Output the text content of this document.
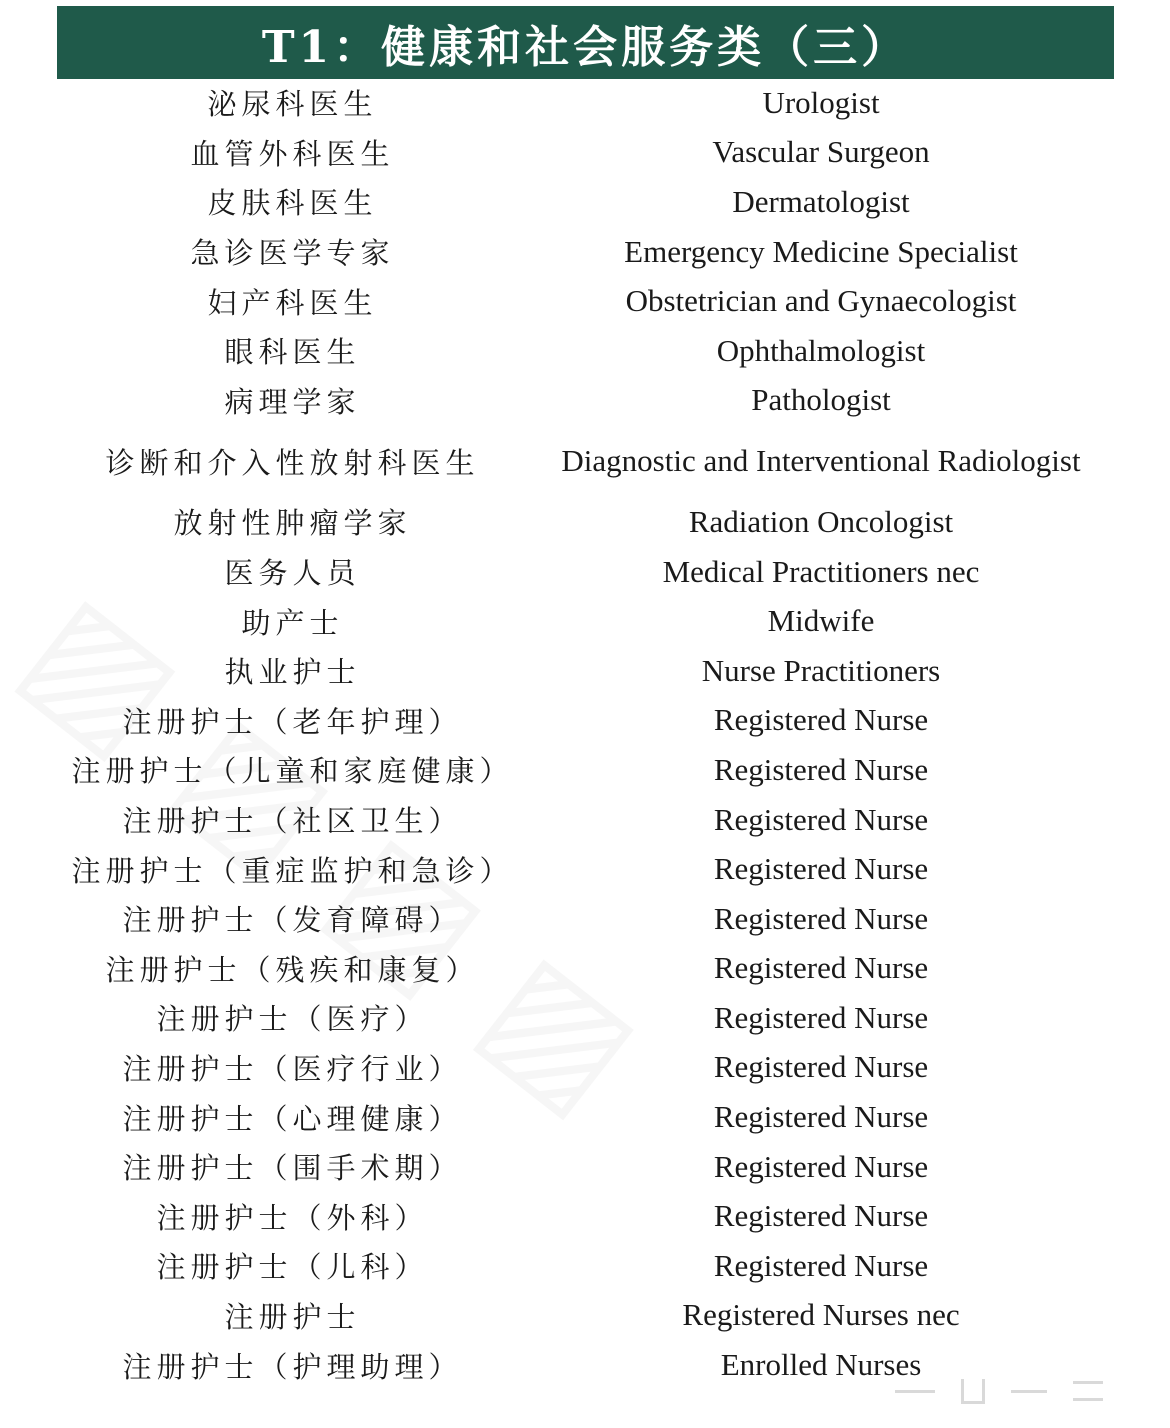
T1：健康和社会服务类（三）
泌尿科医生	Urologist
血管外科医生	Vascular Surgeon
皮肤科医生	Dermatologist
急诊医学专家	Emergency Medicine Specialist
妇产科医生	Obstetrician and Gynaecologist
眼科医生	Ophthalmologist
病理学家	Pathologist
诊断和介入性放射科医生	Diagnostic and Interventional Radiologist
放射性肿瘤学家	Radiation Oncologist
医务人员	Medical Practitioners nec
助产士	Midwife
执业护士	Nurse Practitioners
注册护士（老年护理）	Registered Nurse
注册护士（儿童和家庭健康）	Registered Nurse
注册护士（社区卫生）	Registered Nurse
注册护士（重症监护和急诊）	Registered Nurse
注册护士（发育障碍）	Registered Nurse
注册护士（残疾和康复）	Registered Nurse
注册护士（医疗）	Registered Nurse
注册护士（医疗行业）	Registered Nurse
注册护士（心理健康）	Registered Nurse
注册护士（围手术期）	Registered Nurse
注册护士（外科）	Registered Nurse
注册护士（儿科）	Registered Nurse
注册护士	Registered Nurses nec
注册护士（护理助理）	Enrolled Nurses
